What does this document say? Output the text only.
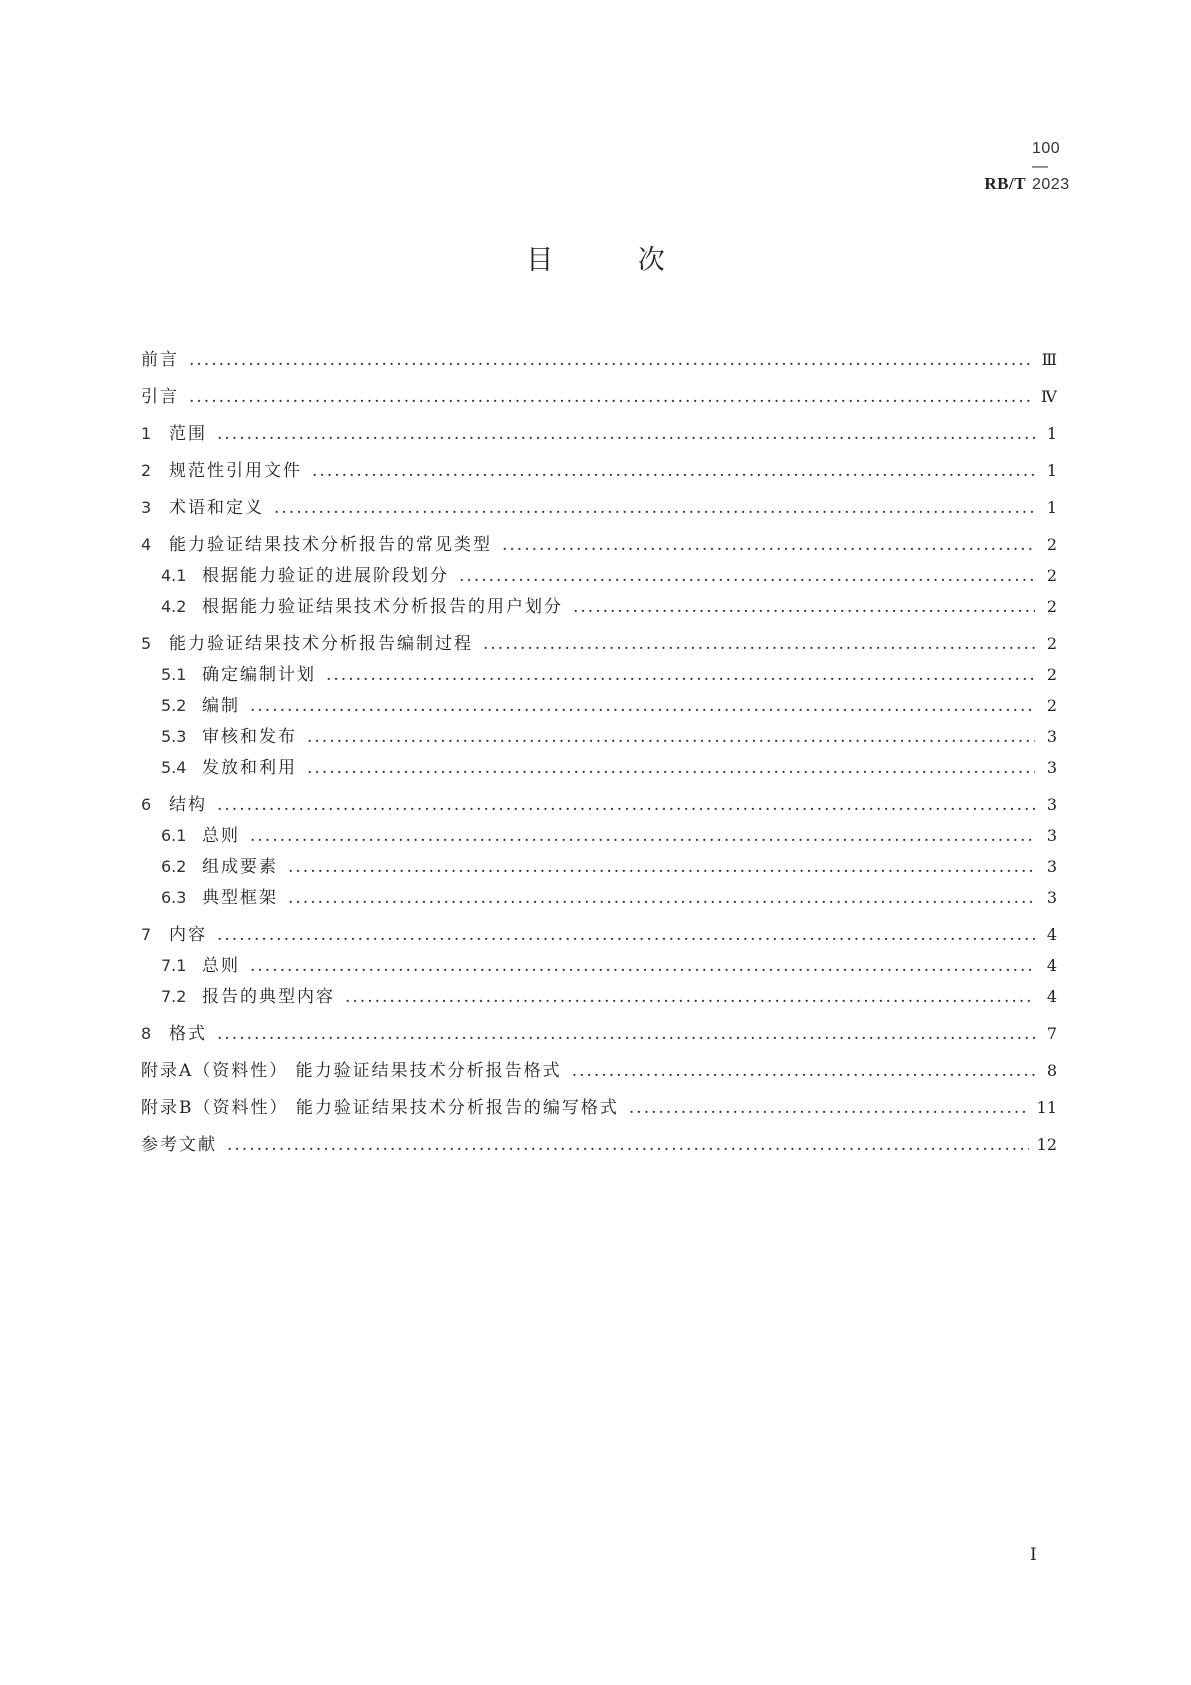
RB/T 100—2023
目	次
前言 .....	Ⅲ
引言 .....	Ⅳ
1	范围 .....	1
2	规范性引用文件 .....	1
3	术语和定义 .....	1
4	能力验证结果技术分析报告的常见类型 .....	2
4.1 根据能力验证的进展阶段划分 .....	2
4.2 根据能力验证结果技术分析报告的用户划分 .....	2
5	能力验证结果技术分析报告编制过程 .....	2
5.1 确定编制计划 .....	2
5.2 编制 .....	2
5.3 审核和发布 .....	3
5.4 发放和利用 .....	3
6	结构 .....	3
6.1 总则 .....	3
6.2 组成要素 .....	3
6.3 典型框架 .....	3
7	内容 .....	4
7.1 总则 .....	4
7.2 报告的典型内容 .....	4
8	格式 .....	7
附录A（资料性） 能力验证结果技术分析报告格式 .....	8
附录B（资料性） 能力验证结果技术分析报告的编写格式 .....	11
参考文献 .....	12
I
